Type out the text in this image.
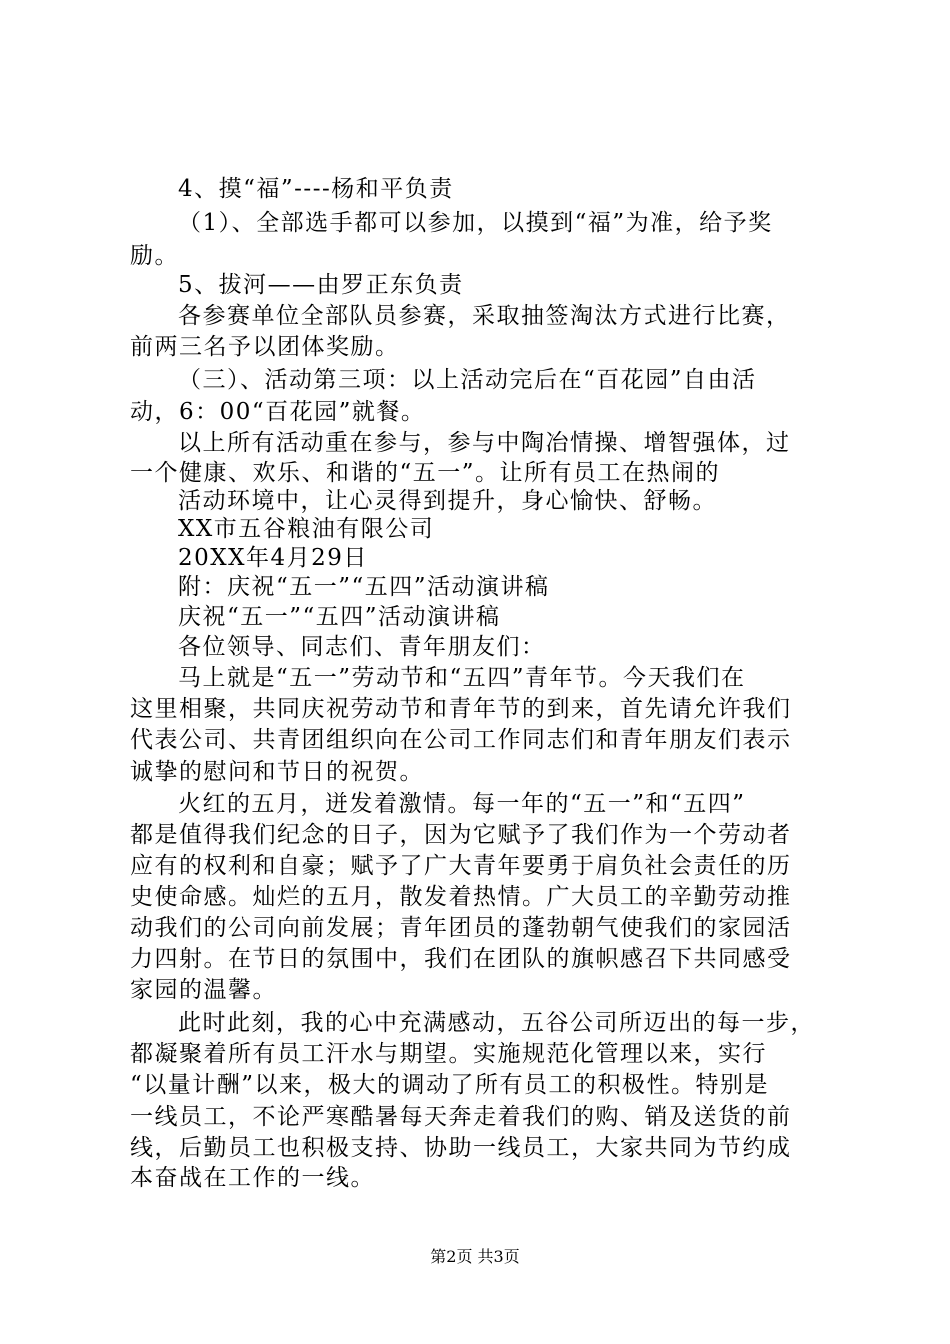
4、摸“福”----杨和平负责
（1）、全部选手都可以参加，以摸到“福”为准，给予奖
励。
5、拔河——由罗正东负责
各参赛单位全部队员参赛，采取抽签淘汰方式进行比赛，
前两三名予以团体奖励。
（三）、活动第三项：以上活动完后在“百花园”自由活
动，6：00“百花园”就餐。
以上所有活动重在参与，参与中陶冶情操、增智强体，过
一个健康、欢乐、和谐的“五一”。让所有员工在热闹的
活动环境中，让心灵得到提升，身心愉快、舒畅。
XX市五谷粮油有限公司
20XX年4月29日
附：庆祝“五一”“五四”活动演讲稿
庆祝“五一”“五四”活动演讲稿
各位领导、同志们、青年朋友们：
马上就是“五一”劳动节和“五四”青年节。今天我们在
这里相聚，共同庆祝劳动节和青年节的到来，首先请允许我们
代表公司、共青团组织向在公司工作同志们和青年朋友们表示
诚挚的慰问和节日的祝贺。
火红的五月，迸发着激情。每一年的“五一”和“五四”
都是值得我们纪念的日子，因为它赋予了我们作为一个劳动者
应有的权利和自豪；赋予了广大青年要勇于肩负社会责任的历
史使命感。灿烂的五月，散发着热情。广大员工的辛勤劳动推
动我们的公司向前发展；青年团员的蓬勃朝气使我们的家园活
力四射。在节日的氛围中，我们在团队的旗帜感召下共同感受
家园的温馨。
此时此刻，我的心中充满感动，五谷公司所迈出的每一步，
都凝聚着所有员工汗水与期望。实施规范化管理以来，实行
“以量计酬”以来，极大的调动了所有员工的积极性。特别是
一线员工，不论严寒酷暑每天奔走着我们的购、销及送货的前
线，后勤员工也积极支持、协助一线员工，大家共同为节约成
本奋战在工作的一线。
第2页 共3页
